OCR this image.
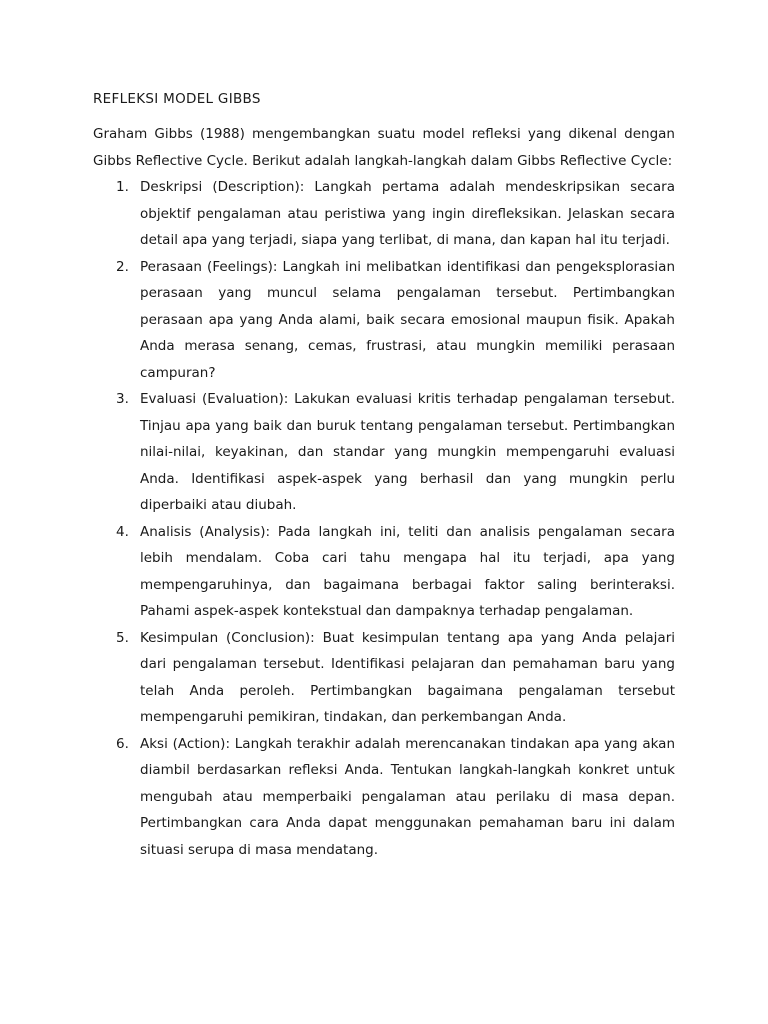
REFLEKSI MODEL GIBBS

Graham Gibbs (1988) mengembangkan suatu model refleksi yang dikenal dengan Gibbs Reflective Cycle. Berikut adalah langkah-langkah dalam Gibbs Reflective Cycle:

1. Deskripsi (Description): Langkah pertama adalah mendeskripsikan secara objektif pengalaman atau peristiwa yang ingin direfleksikan. Jelaskan secara detail apa yang terjadi, siapa yang terlibat, di mana, dan kapan hal itu terjadi.
2. Perasaan (Feelings): Langkah ini melibatkan identifikasi dan pengeksplorasian perasaan yang muncul selama pengalaman tersebut. Pertimbangkan perasaan apa yang Anda alami, baik secara emosional maupun fisik. Apakah Anda merasa senang, cemas, frustrasi, atau mungkin memiliki perasaan campuran?
3. Evaluasi (Evaluation): Lakukan evaluasi kritis terhadap pengalaman tersebut. Tinjau apa yang baik dan buruk tentang pengalaman tersebut. Pertimbangkan nilai-nilai, keyakinan, dan standar yang mungkin mempengaruhi evaluasi Anda. Identifikasi aspek-aspek yang berhasil dan yang mungkin perlu diperbaiki atau diubah.
4. Analisis (Analysis): Pada langkah ini, teliti dan analisis pengalaman secara lebih mendalam. Coba cari tahu mengapa hal itu terjadi, apa yang mempengaruhinya, dan bagaimana berbagai faktor saling berinteraksi. Pahami aspek-aspek kontekstual dan dampaknya terhadap pengalaman.
5. Kesimpulan (Conclusion): Buat kesimpulan tentang apa yang Anda pelajari dari pengalaman tersebut. Identifikasi pelajaran dan pemahaman baru yang telah Anda peroleh. Pertimbangkan bagaimana pengalaman tersebut mempengaruhi pemikiran, tindakan, dan perkembangan Anda.
6. Aksi (Action): Langkah terakhir adalah merencanakan tindakan apa yang akan diambil berdasarkan refleksi Anda. Tentukan langkah-langkah konkret untuk mengubah atau memperbaiki pengalaman atau perilaku di masa depan. Pertimbangkan cara Anda dapat menggunakan pemahaman baru ini dalam situasi serupa di masa mendatang.
